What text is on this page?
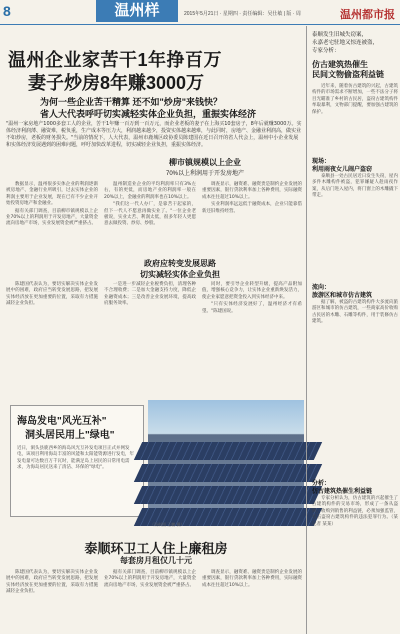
8	温州样	2015年5月21日 · 星期四 · 责任编辑：吴仕敏 | 版 · 周	温州都市报
温州企业家苦干1年挣百万
妻子炒房8年赚3000万
为何一些企业苦干精算 还不如"炒房"来钱快？
省人大代表呼吁切实减轻实体企业负担，重振实体经济
"温州一家房地产1000多套工人的企业，苦干1年赚一百万到一百万元，而企业老板的妻子在上海买10套房子，8年后就赚3000万。实体经济利润薄、融资难，税负重，生产成本等压力大，利润越来越少，投资实体越来越难，与此同时，房地产、金融业利润高，做实业不如炒房，老板的财务损失。"当前的情况下，人大代表，温州市鹿城区政协委员陈建国在近日召开的省人代会上，温州中小企业发展和实体经济发展遇到的困难问题，呼吁加快改革进程，切实减轻企业负担，重振实体经济。
柳市镇规模以上企业
70%以上利润用于开发房地产

数据显示，温州很多实体企业的利润逐渐被房地产、金融行业所吸引，过去实体企业的利润主要用于企业发展，现在已有不少企业开始投资房地产和金融业。

据有关部门调查，目前柳市镇规模以上企业70%以上的利润用于开发房地产，大量资金流向房地产市场，实业发展资金被严重挤占。

温州制造业企业的平均利润率只有3%左右，有的更低，而房地产业的利润率一般在20%以上，金融业的利润率也在10%以上。

"我们这一代人办厂，是靠苦干起家的，但下一代人不愿意再做实业了。"一位企业老板说，实业太苦、利润太低，很多年轻人更愿意去做投资、炒房、炒股。

调查显示，融资难、融资贵是制约企业发展的重要因素，银行贷款利率加上各种费用，实际融资成本往往超过10%以上。

实业利润率远远低于融资成本，企业只能靠借新还旧维持经营。

政府应转变发展思路
切实减轻实体企业负担

陈建国代表认为，要切实解决实体企业发展中的困难，政府应当转变发展思路，把发展实体经济放在更加重要的位置，采取有力措施减轻企业负担。

一是进一步减轻企业税费负担，清理各种不合理收费；二是加大金融支持力度，降低企业融资成本；三是改善企业发展环境，提高政府服务效率。

同时，要引导企业转型升级，提高产品附加值，增强核心竞争力，让实体企业重新焕发活力，使企业家愿意把资金投入到实体经济中来。

"只有实体经济发展好了，温州经济才有希望。"陈建国说。

海岛发电"风光互补"
洞头居民用上"绿电"
近日，洞头县鹿西乡的海岛风光互补发电项目正式并网发电，该项目利用海岛丰富的风能和太阳能资源进行发电，年发电量可达数百万千瓦时，能满足岛上居民的日常用电需求，为海岛居民送来了清洁、环保的"绿电"。
（资料图 王鹏 摄）
泰顺环卫工人住上廉租房
每套房月租仅几十元

陈建国代表认为，要切实解决实体企业发展中的困难，政府应当转变发展思路，把发展实体经济放在更加重要的位置，采取有力措施减轻企业负担。

据有关部门调查，目前柳市镇规模以上企业70%以上的利润用于开发房地产，大量资金流向房地产市场，实业发展资金被严重挤占。

调查显示，融资难、融资贵是制约企业发展的重要因素，银行贷款利率加上各种费用，实际融资成本往往超过10%以上。

泰顺发生旧城失窃案，
永嘉老宅驻地又惊连被盗，
专家分析：
仿古建筑热催生
民间文物偷盗利益链

近年来，随着仿古建筑的兴起，古建筑构件的市场需求不断增加，一些不法分子将目光瞄准了乡村的古民居，盗窃古建筑构件牟取暴利，文物部门提醒，要加强古建筑的保护。

现场：
利用雨夜女儿闹户盗窃

泰顺县一处古民居近日发生失窃，屋内多件木雕构件被盗，犯罪嫌疑人趁雨夜作案，从后门进入屋内，将门窗上的木雕撬下带走。

流向：
旅游区和城市仿古建筑

据了解，被盗的古建筑构件大多流向旅游区和城市的仿古建筑，一些商家高价收购古民居的木雕、石雕等构件，用于装修仿古建筑。

分析：
仿古建筑热催生利益链

专家分析认为，仿古建筑的兴起催生了古建筑构件的交易市场，形成了一条从盗窃、收购到销售的利益链，必须加强监管，打击盗窃古建筑构件的违法犯罪行为。（某记者 某某）
